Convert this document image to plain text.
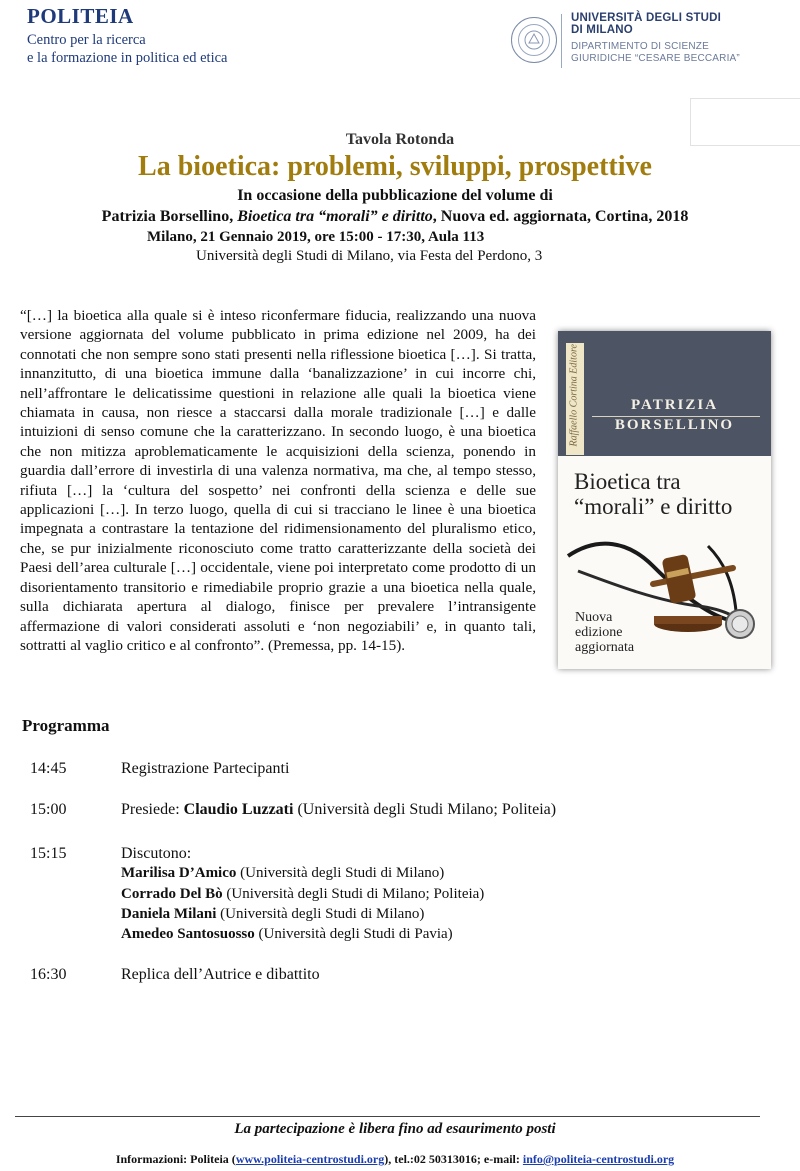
POLITEIA
Centro per la ricerca
e la formazione in politica ed etica
UNIVERSITÀ DEGLI STUDI
DI MILANO
DIPARTIMENTO DI SCIENZE
GIURIDICHE “CESARE BECCARIA”
Tavola Rotonda
La bioetica: problemi, sviluppi, prospettive
In occasione della pubblicazione del volume di
Patrizia Borsellino, Bioetica tra “morali” e diritto, Nuova ed. aggiornata, Cortina, 2018
Milano, 21 Gennaio 2019, ore 15:00 - 17:30, Aula 113
Università degli Studi di Milano, via Festa del Perdono, 3
“[…] la bioetica alla quale si è inteso riconfermare fiducia, realizzando una nuova versione aggiornata del volume pubblicato in prima edizione nel 2009, ha dei connotati che non sempre sono stati presenti nella riflessione bioetica […]. Si tratta, innanzitutto, di una bioetica immune dalla ‘banalizzazione’ in cui incorre chi, nell’affrontare le delicatissime questioni in relazione alle quali la bioetica viene chiamata in causa, non riesce a staccarsi dalla morale tradizionale […] e dalle intuizioni di senso comune che la caratterizzano. In secondo luogo, è una bioetica che non mitizza aproblematicamente le acquisizioni della scienza, ponendo in guardia dall’errore di investirla di una valenza normativa, ma che, al tempo stesso, rifiuta […] la ‘cultura del sospetto’ nei confronti della scienza e delle sue applicazioni […]. In terzo luogo, quella di cui si tracciano le linee è una bioetica impegnata a contrastare la tentazione del ridimensionamento del pluralismo etico, che, se pur inizialmente riconosciuto come tratto caratterizzante della società dei Paesi dell’area culturale […] occidentale, viene poi interpretato come prodotto di un disorientamento transitorio e rimediabile proprio grazie a una bioetica nella quale, sulla dichiarata apertura al dialogo, finisce per prevalere l’intransigente affermazione di valori considerati assoluti e ‘non negoziabili’ e, in quanto tali, sottratti al vaglio critico e al confronto”. (Premessa, pp. 14-15).
Raffaello Cortina Editore	PATRIZIA
BORSELLINO
Bioetica tra
“morali” e diritto
Nuova
edizione
aggiornata
Programma
14:45	Registrazione Partecipanti
15:00	Presiede: Claudio Luzzati (Università degli Studi Milano; Politeia)
15:15	Discutono:
Marilisa D’Amico (Università degli Studi di Milano)
Corrado Del Bò (Università degli Studi di Milano; Politeia)
Daniela Milani (Università degli Studi di Milano)
Amedeo Santosuosso (Università degli Studi di Pavia)
16:30	Replica dell’Autrice e dibattito
La partecipazione è libera fino ad esaurimento posti
Informazioni: Politeia (www.politeia-centrostudi.org), tel.:02 50313016; e-mail: info@politeia-centrostudi.org
